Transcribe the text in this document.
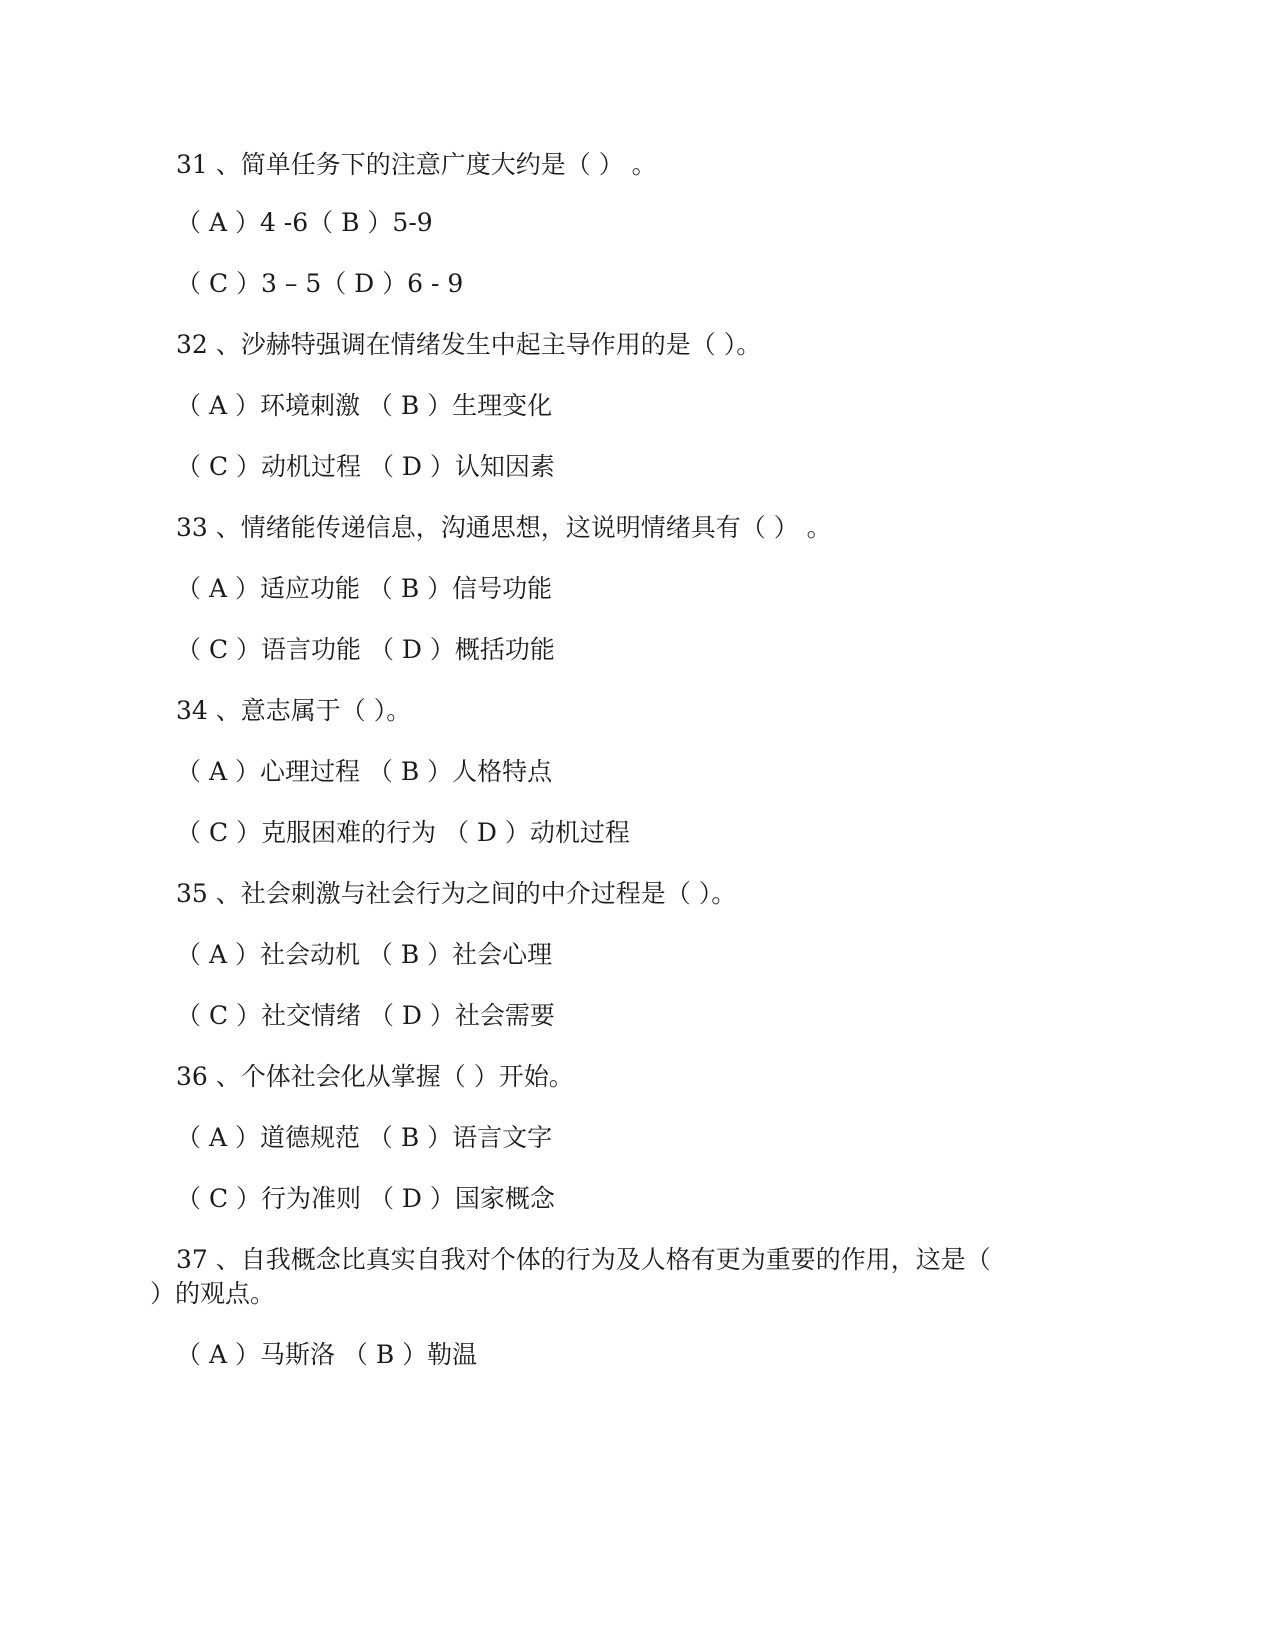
31 、简单任务下的注意广度大约是（ ） 。
（ A ）4 -6（ B ）5-9
（ C ）3 – 5（ D ）6 - 9
32 、沙赫特强调在情绪发生中起主导作用的是（ ）。
（ A ）环境刺激 （ B ）生理变化
（ C ）动机过程 （ D ）认知因素
33 、情绪能传递信息，沟通思想，这说明情绪具有（ ） 。
（ A ）适应功能 （ B ）信号功能
（ C ）语言功能 （ D ）概括功能
34 、意志属于（ ）。
（ A ）心理过程 （ B ）人格特点
（ C ）克服困难的行为 （ D ）动机过程
35 、社会刺激与社会行为之间的中介过程是（ ）。
（ A ）社会动机 （ B ）社会心理
（ C ）社交情绪 （ D ）社会需要
36 、个体社会化从掌握（ ）开始。
（ A ）道德规范 （ B ）语言文字
（ C ）行为准则 （ D ）国家概念
37 、自我概念比真实自我对个体的行为及人格有更为重要的作用，这是（
）的观点。
（ A ）马斯洛 （ B ）勒温
